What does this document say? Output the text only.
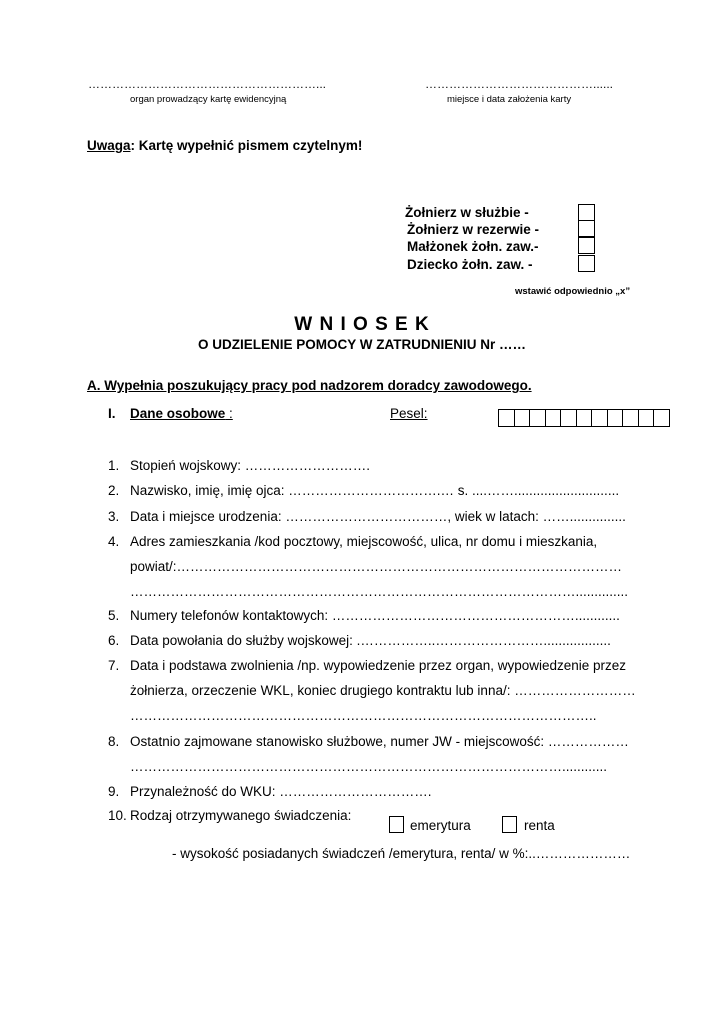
…………………………………………………...
organ prowadzący kartę ewidencyjną
……………………………………......
miejsce i data założenia karty
Uwaga: Kartę wypełnić pismem czytelnym!
Żołnierz w służbie -
Żołnierz w rezerwie -
Małżonek żołn. zaw.-
Dziecko żołn. zaw. -
wstawić odpowiednio „x”
W N I O S E K
O UDZIELENIE POMOCY W ZATRUDNIENIU Nr ……
A. Wypełnia poszukujący pracy pod nadzorem doradcy zawodowego.
I. Dane osobowe :	Pesel:
1. Stopień wojskowy: ……………………….
2. Nazwisko, imię, imię ojca: …………………………….… s. ....……............................
3. Data i miejsce urodzenia: ………………………………, wiek w latach: ……...............
4. Adres zamieszkania /kod pocztowy, miejscowość, ulica, nr domu i mieszkania,
powiat/:………………………………………………………………………………………
………………………………………………………………………………………..............
5. Numery telefonów kontaktowych: ………………………………………………............
6. Data powołania do służby wojskowej: .……………..……………………..................
7. Data i podstawa zwolnienia /np. wypowiedzenie przez organ, wypowiedzenie przez
żołnierza, orzeczenie WKL, koniec drugiego kontraktu lub inna/: ………………………
…………………………………………………………………………………………..
8. Ostatnio zajmowane stanowisko służbowe, numer JW - miejscowość: ………………
……………………………………………………………………………………............
9. Przynależność do WKU: …………………………….
10. Rodzaj otrzymywanego świadczenia:
emerytura	renta
- wysokość posiadanych świadczeń /emerytura, renta/ w %:..…………………
